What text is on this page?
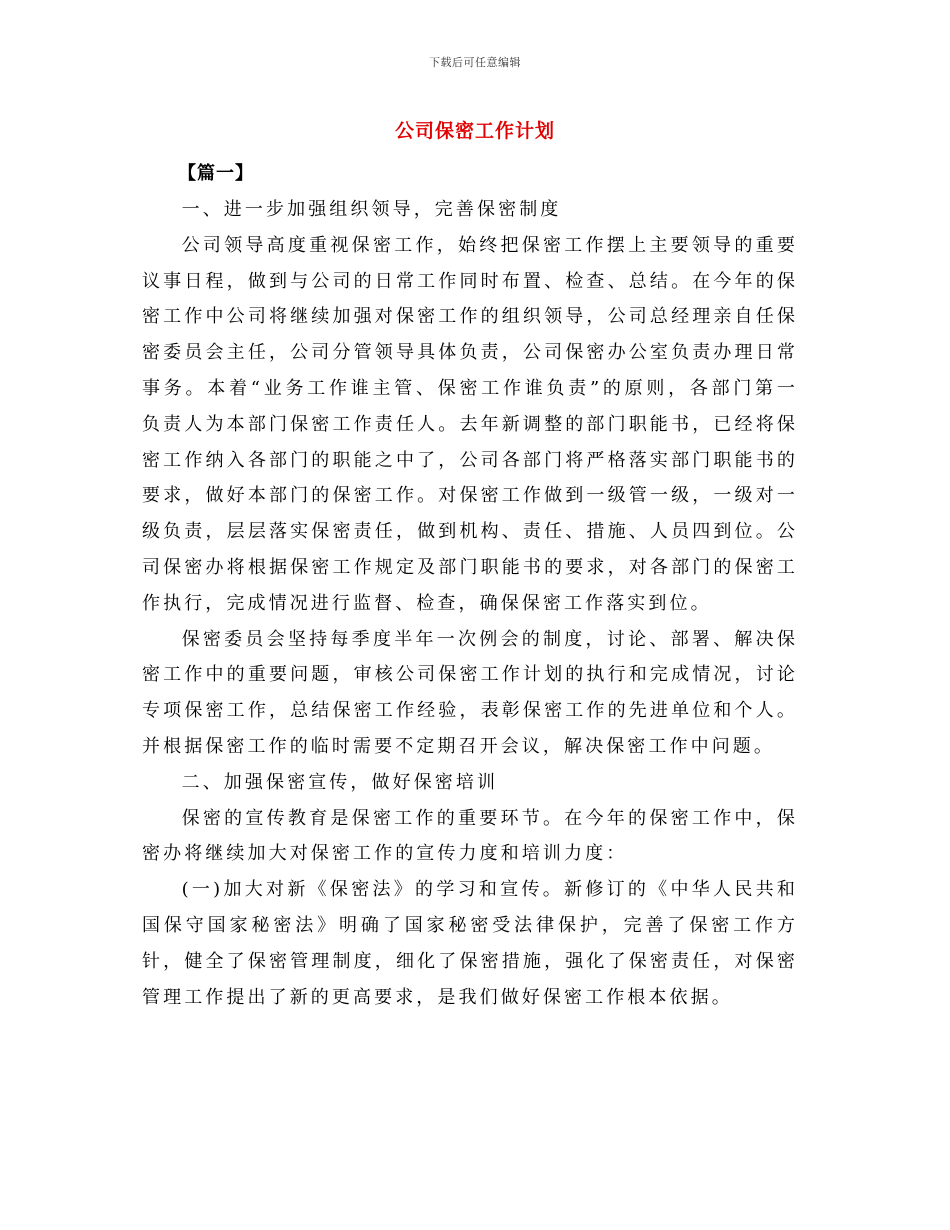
下载后可任意编辑
公司保密工作计划

【篇一】

一、进一步加强组织领导，完善保密制度

公司领导高度重视保密工作，始终把保密工作摆上主要领导的重要议事日程，做到与公司的日常工作同时布置、检查、总结。在今年的保密工作中公司将继续加强对保密工作的组织领导，公司总经理亲自任保密委员会主任，公司分管领导具体负责，公司保密办公室负责办理日常事务。本着“业务工作谁主管、保密工作谁负责”的原则，各部门第一负责人为本部门保密工作责任人。去年新调整的部门职能书，已经将保密工作纳入各部门的职能之中了，公司各部门将严格落实部门职能书的要求，做好本部门的保密工作。对保密工作做到一级管一级，一级对一级负责，层层落实保密责任，做到机构、责任、措施、人员四到位。公司保密办将根据保密工作规定及部门职能书的要求，对各部门的保密工作执行，完成情况进行监督、检查，确保保密工作落实到位。

保密委员会坚持每季度半年一次例会的制度，讨论、部署、解决保密工作中的重要问题，审核公司保密工作计划的执行和完成情况，讨论专项保密工作，总结保密工作经验，表彰保密工作的先进单位和个人。并根据保密工作的临时需要不定期召开会议，解决保密工作中问题。

二、加强保密宣传，做好保密培训

保密的宣传教育是保密工作的重要环节。在今年的保密工作中，保密办将继续加大对保密工作的宣传力度和培训力度：

(一)加大对新《保密法》的学习和宣传。新修订的《中华人民共和国保守国家秘密法》明确了国家秘密受法律保护，完善了保密工作方针，健全了保密管理制度，细化了保密措施，强化了保密责任，对保密管理工作提出了新的更高要求，是我们做好保密工作根本依据。
